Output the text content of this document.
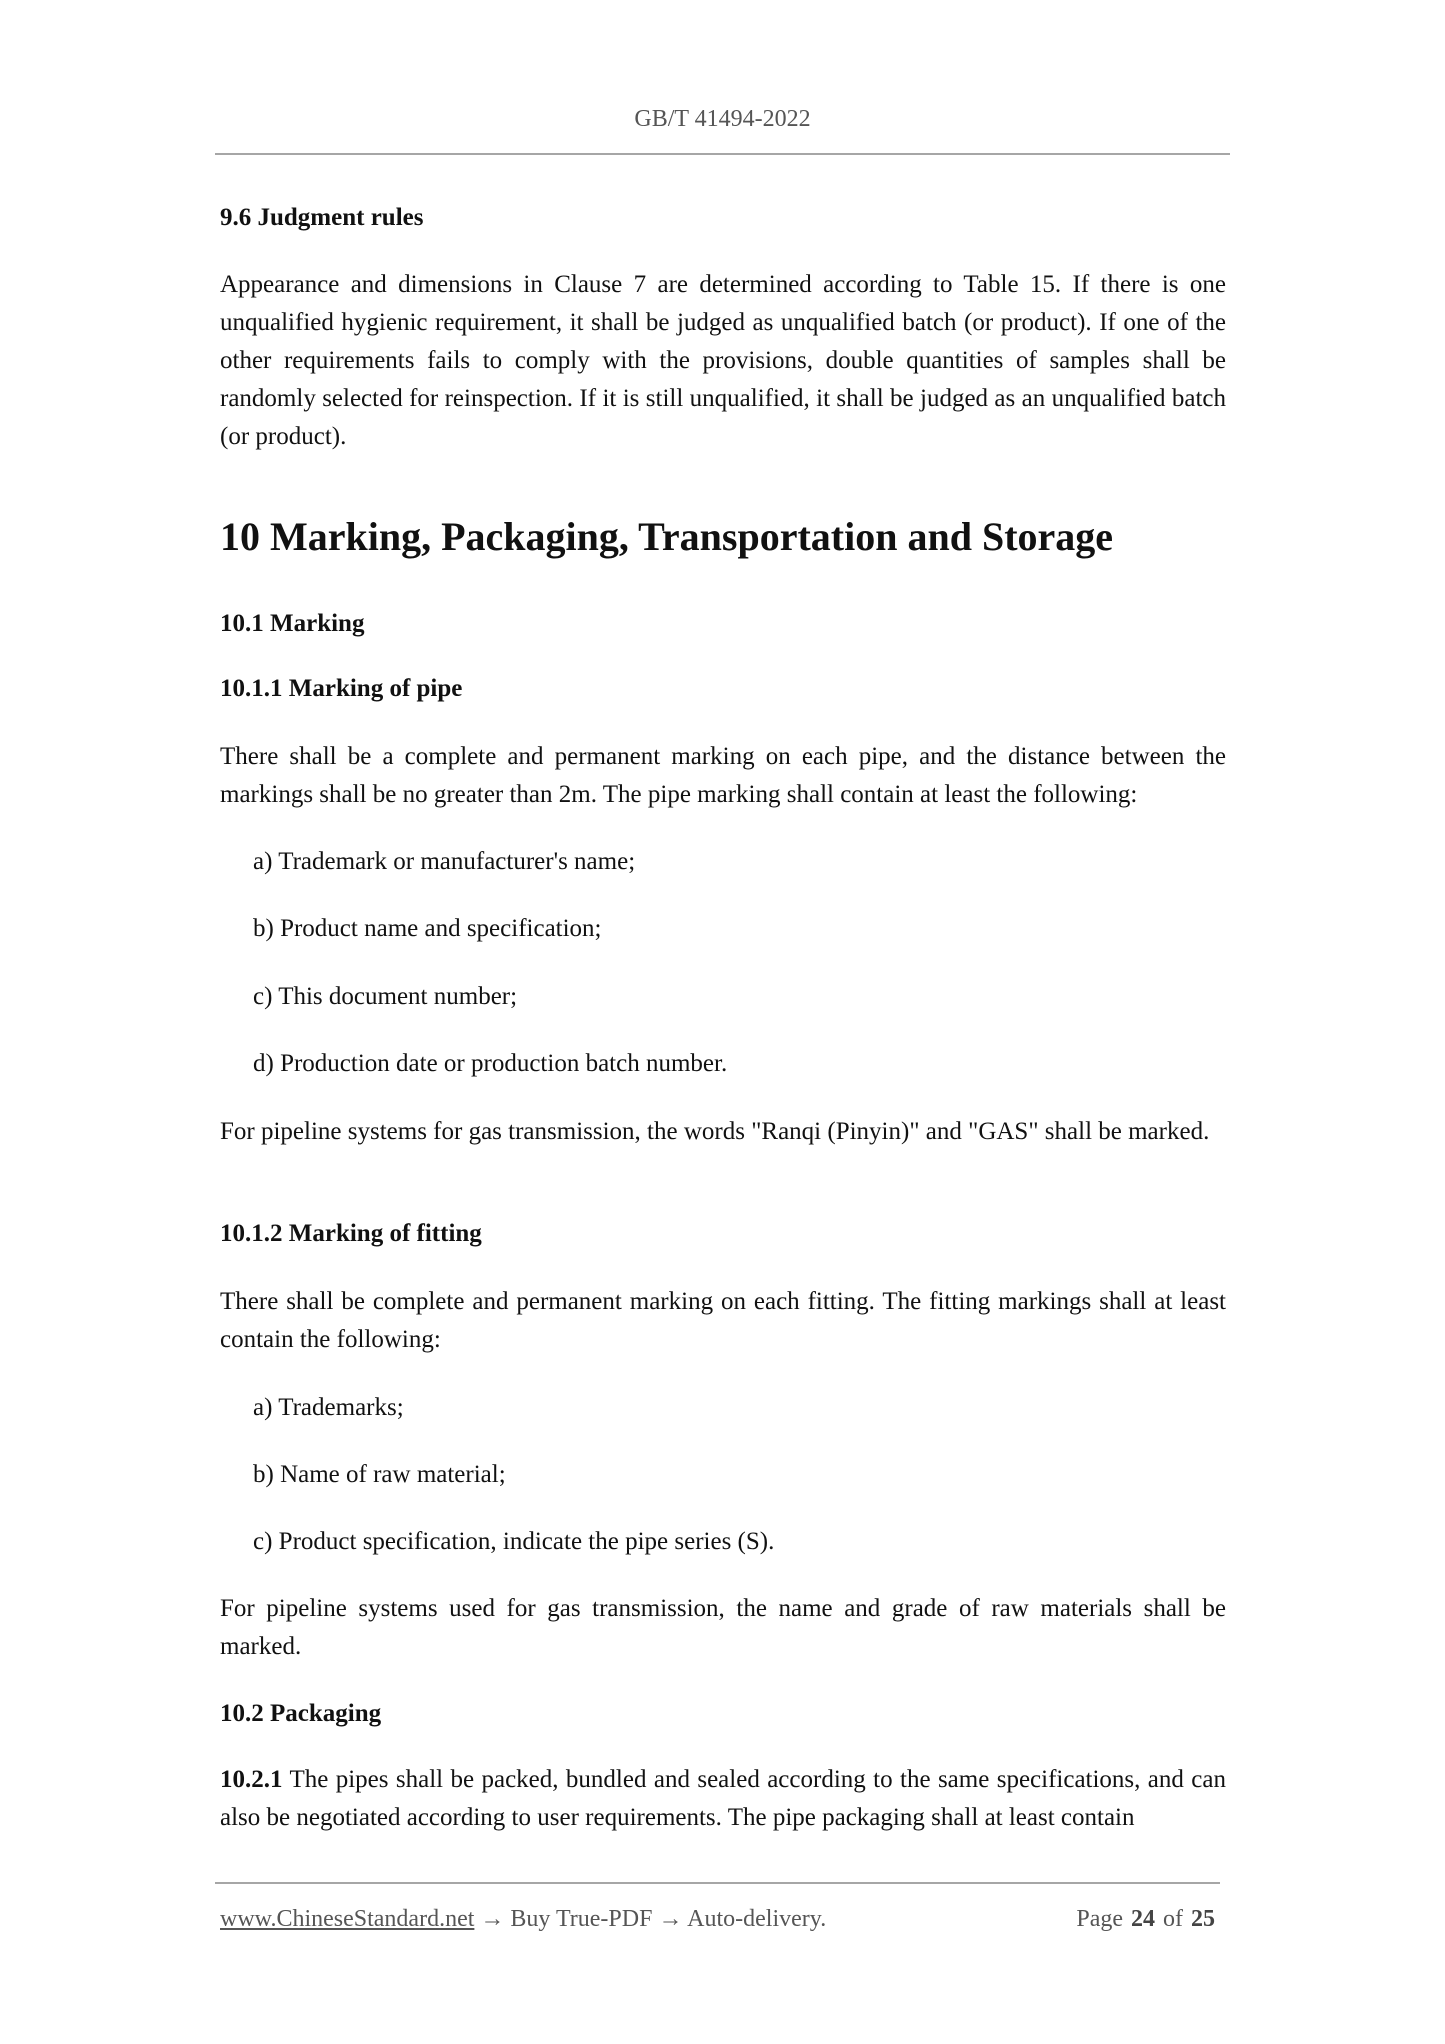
GB/T 41494-2022
9.6 Judgment rules
Appearance and dimensions in Clause 7 are determined according to Table 15. If there is one unqualified hygienic requirement, it shall be judged as unqualified batch (or product). If one of the other requirements fails to comply with the provisions, double quantities of samples shall be randomly selected for reinspection. If it is still unqualified, it shall be judged as an unqualified batch (or product).
10 Marking, Packaging, Transportation and Storage
10.1 Marking
10.1.1 Marking of pipe
There shall be a complete and permanent marking on each pipe, and the distance between the markings shall be no greater than 2m. The pipe marking shall contain at least the following:
a) Trademark or manufacturer's name;
b) Product name and specification;
c) This document number;
d) Production date or production batch number.
For pipeline systems for gas transmission, the words "Ranqi (Pinyin)" and "GAS" shall be marked.
10.1.2 Marking of fitting
There shall be complete and permanent marking on each fitting. The fitting markings shall at least contain the following:
a) Trademarks;
b) Name of raw material;
c) Product specification, indicate the pipe series (S).
For pipeline systems used for gas transmission, the name and grade of raw materials shall be marked.
10.2 Packaging
10.2.1 The pipes shall be packed, bundled and sealed according to the same specifications, and can also be negotiated according to user requirements. The pipe packaging shall at least contain
www.ChineseStandard.net → Buy True-PDF → Auto-delivery.	Page 24 of 25
